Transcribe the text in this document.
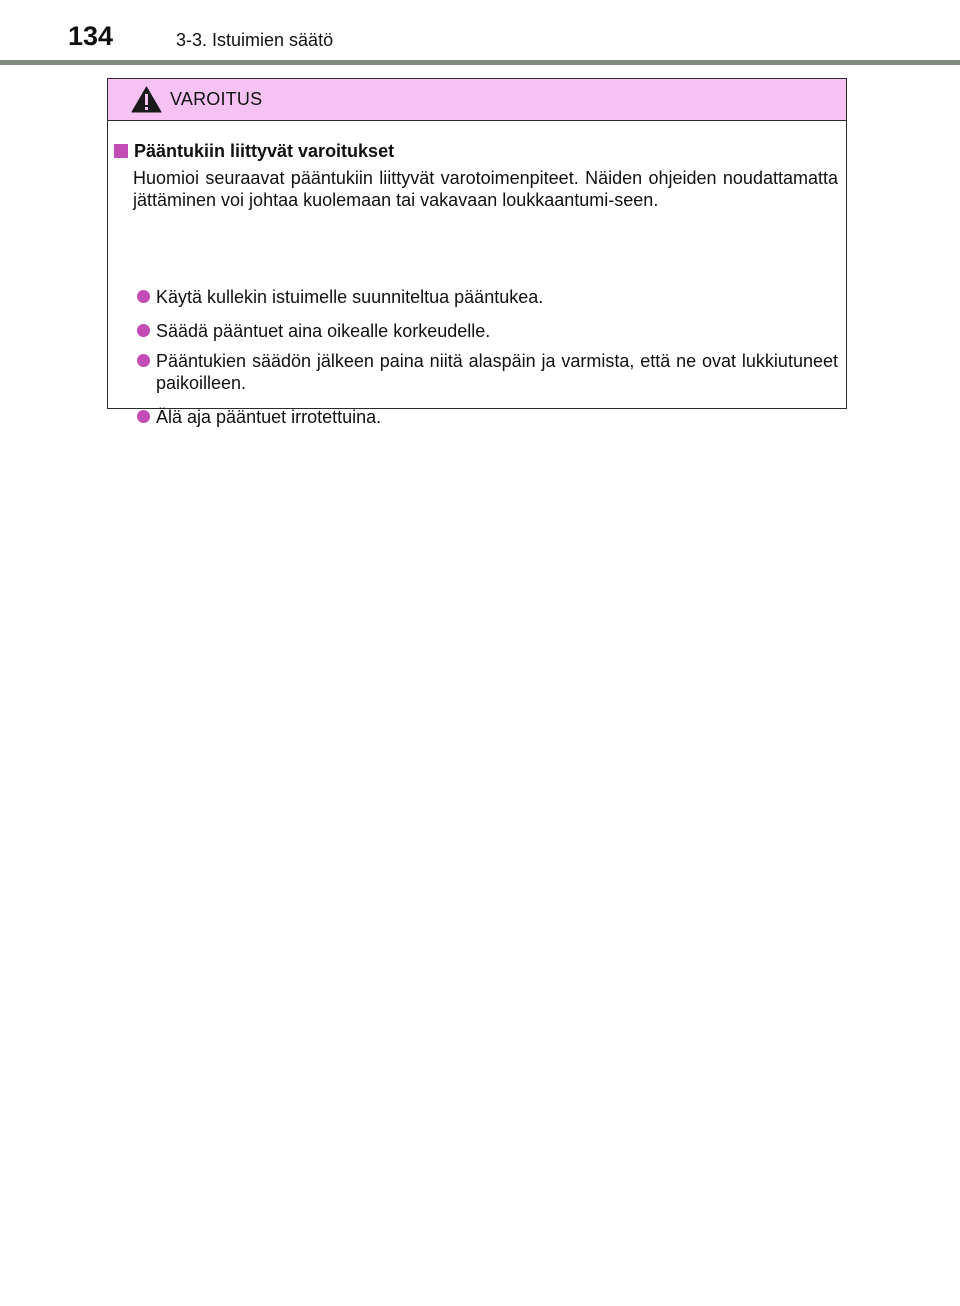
134	3-3. Istuimien säätö
VAROITUS
Pääntukiin liittyvät varoitukset
Huomioi seuraavat pääntukiin liittyvät varotoimenpiteet. Näiden ohjeiden noudattamatta jättäminen voi johtaa kuolemaan tai vakavaan loukkaantumi-seen.
Käytä kullekin istuimelle suunniteltua pääntukea.
Säädä pääntuet aina oikealle korkeudelle.
Pääntukien säädön jälkeen paina niitä alaspäin ja varmista, että ne ovat lukkiutuneet paikoilleen.
Älä aja pääntuet irrotettuina.
